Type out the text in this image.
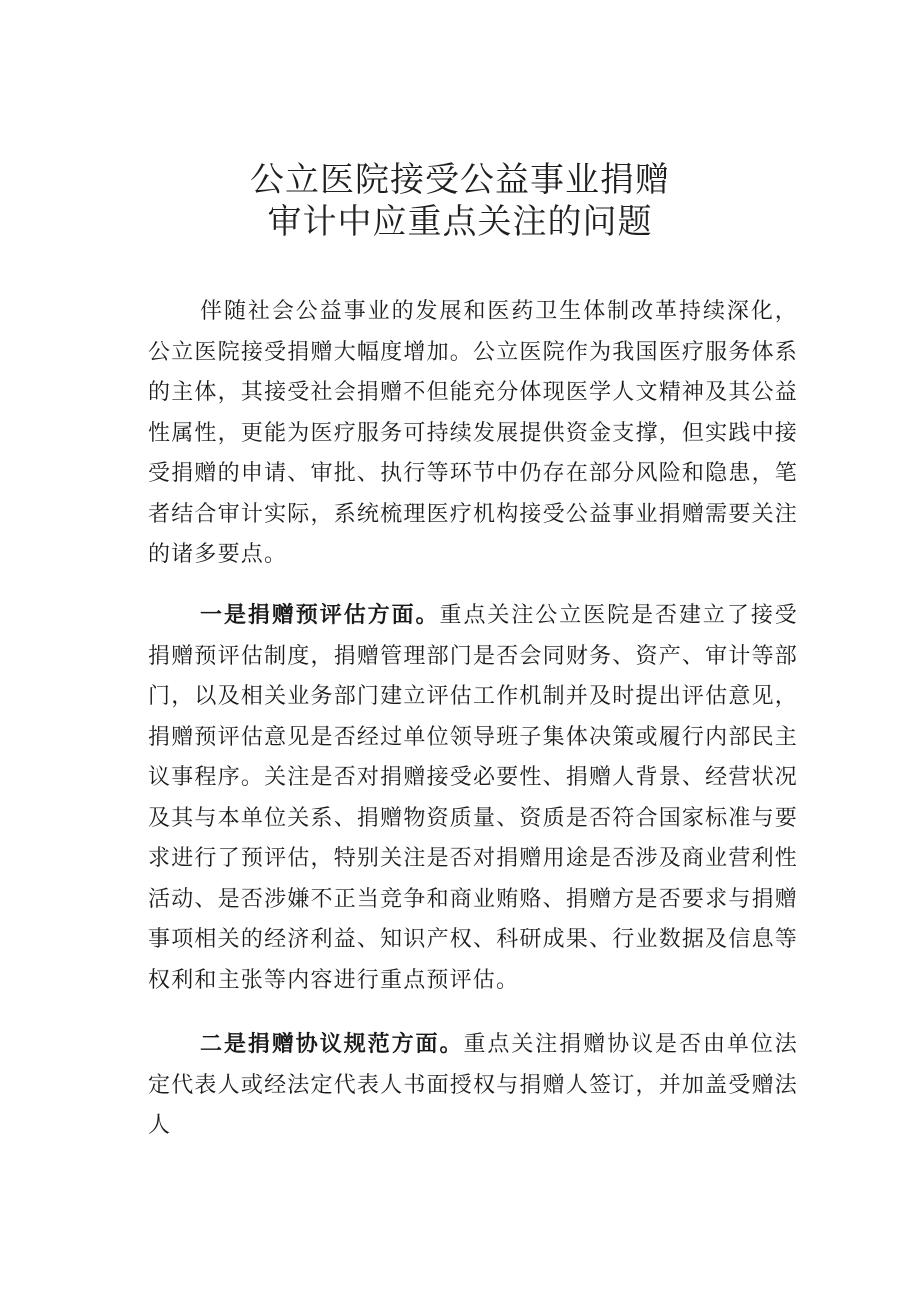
公立医院接受公益事业捐赠
审计中应重点关注的问题

伴随社会公益事业的发展和医药卫生体制改革持续深化，公立医院接受捐赠大幅度增加。公立医院作为我国医疗服务体系的主体，其接受社会捐赠不但能充分体现医学人文精神及其公益性属性，更能为医疗服务可持续发展提供资金支撑，但实践中接受捐赠的申请、审批、执行等环节中仍存在部分风险和隐患，笔者结合审计实际，系统梳理医疗机构接受公益事业捐赠需要关注的诸多要点。

一是捐赠预评估方面。重点关注公立医院是否建立了接受捐赠预评估制度，捐赠管理部门是否会同财务、资产、审计等部门，以及相关业务部门建立评估工作机制并及时提出评估意见，捐赠预评估意见是否经过单位领导班子集体决策或履行内部民主议事程序。关注是否对捐赠接受必要性、捐赠人背景、经营状况及其与本单位关系、捐赠物资质量、资质是否符合国家标准与要求进行了预评估，特别关注是否对捐赠用途是否涉及商业营利性活动、是否涉嫌不正当竞争和商业贿赂、捐赠方是否要求与捐赠事项相关的经济利益、知识产权、科研成果、行业数据及信息等权利和主张等内容进行重点预评估。

二是捐赠协议规范方面。重点关注捐赠协议是否由单位法定代表人或经法定代表人书面授权与捐赠人签订，并加盖受赠法人
